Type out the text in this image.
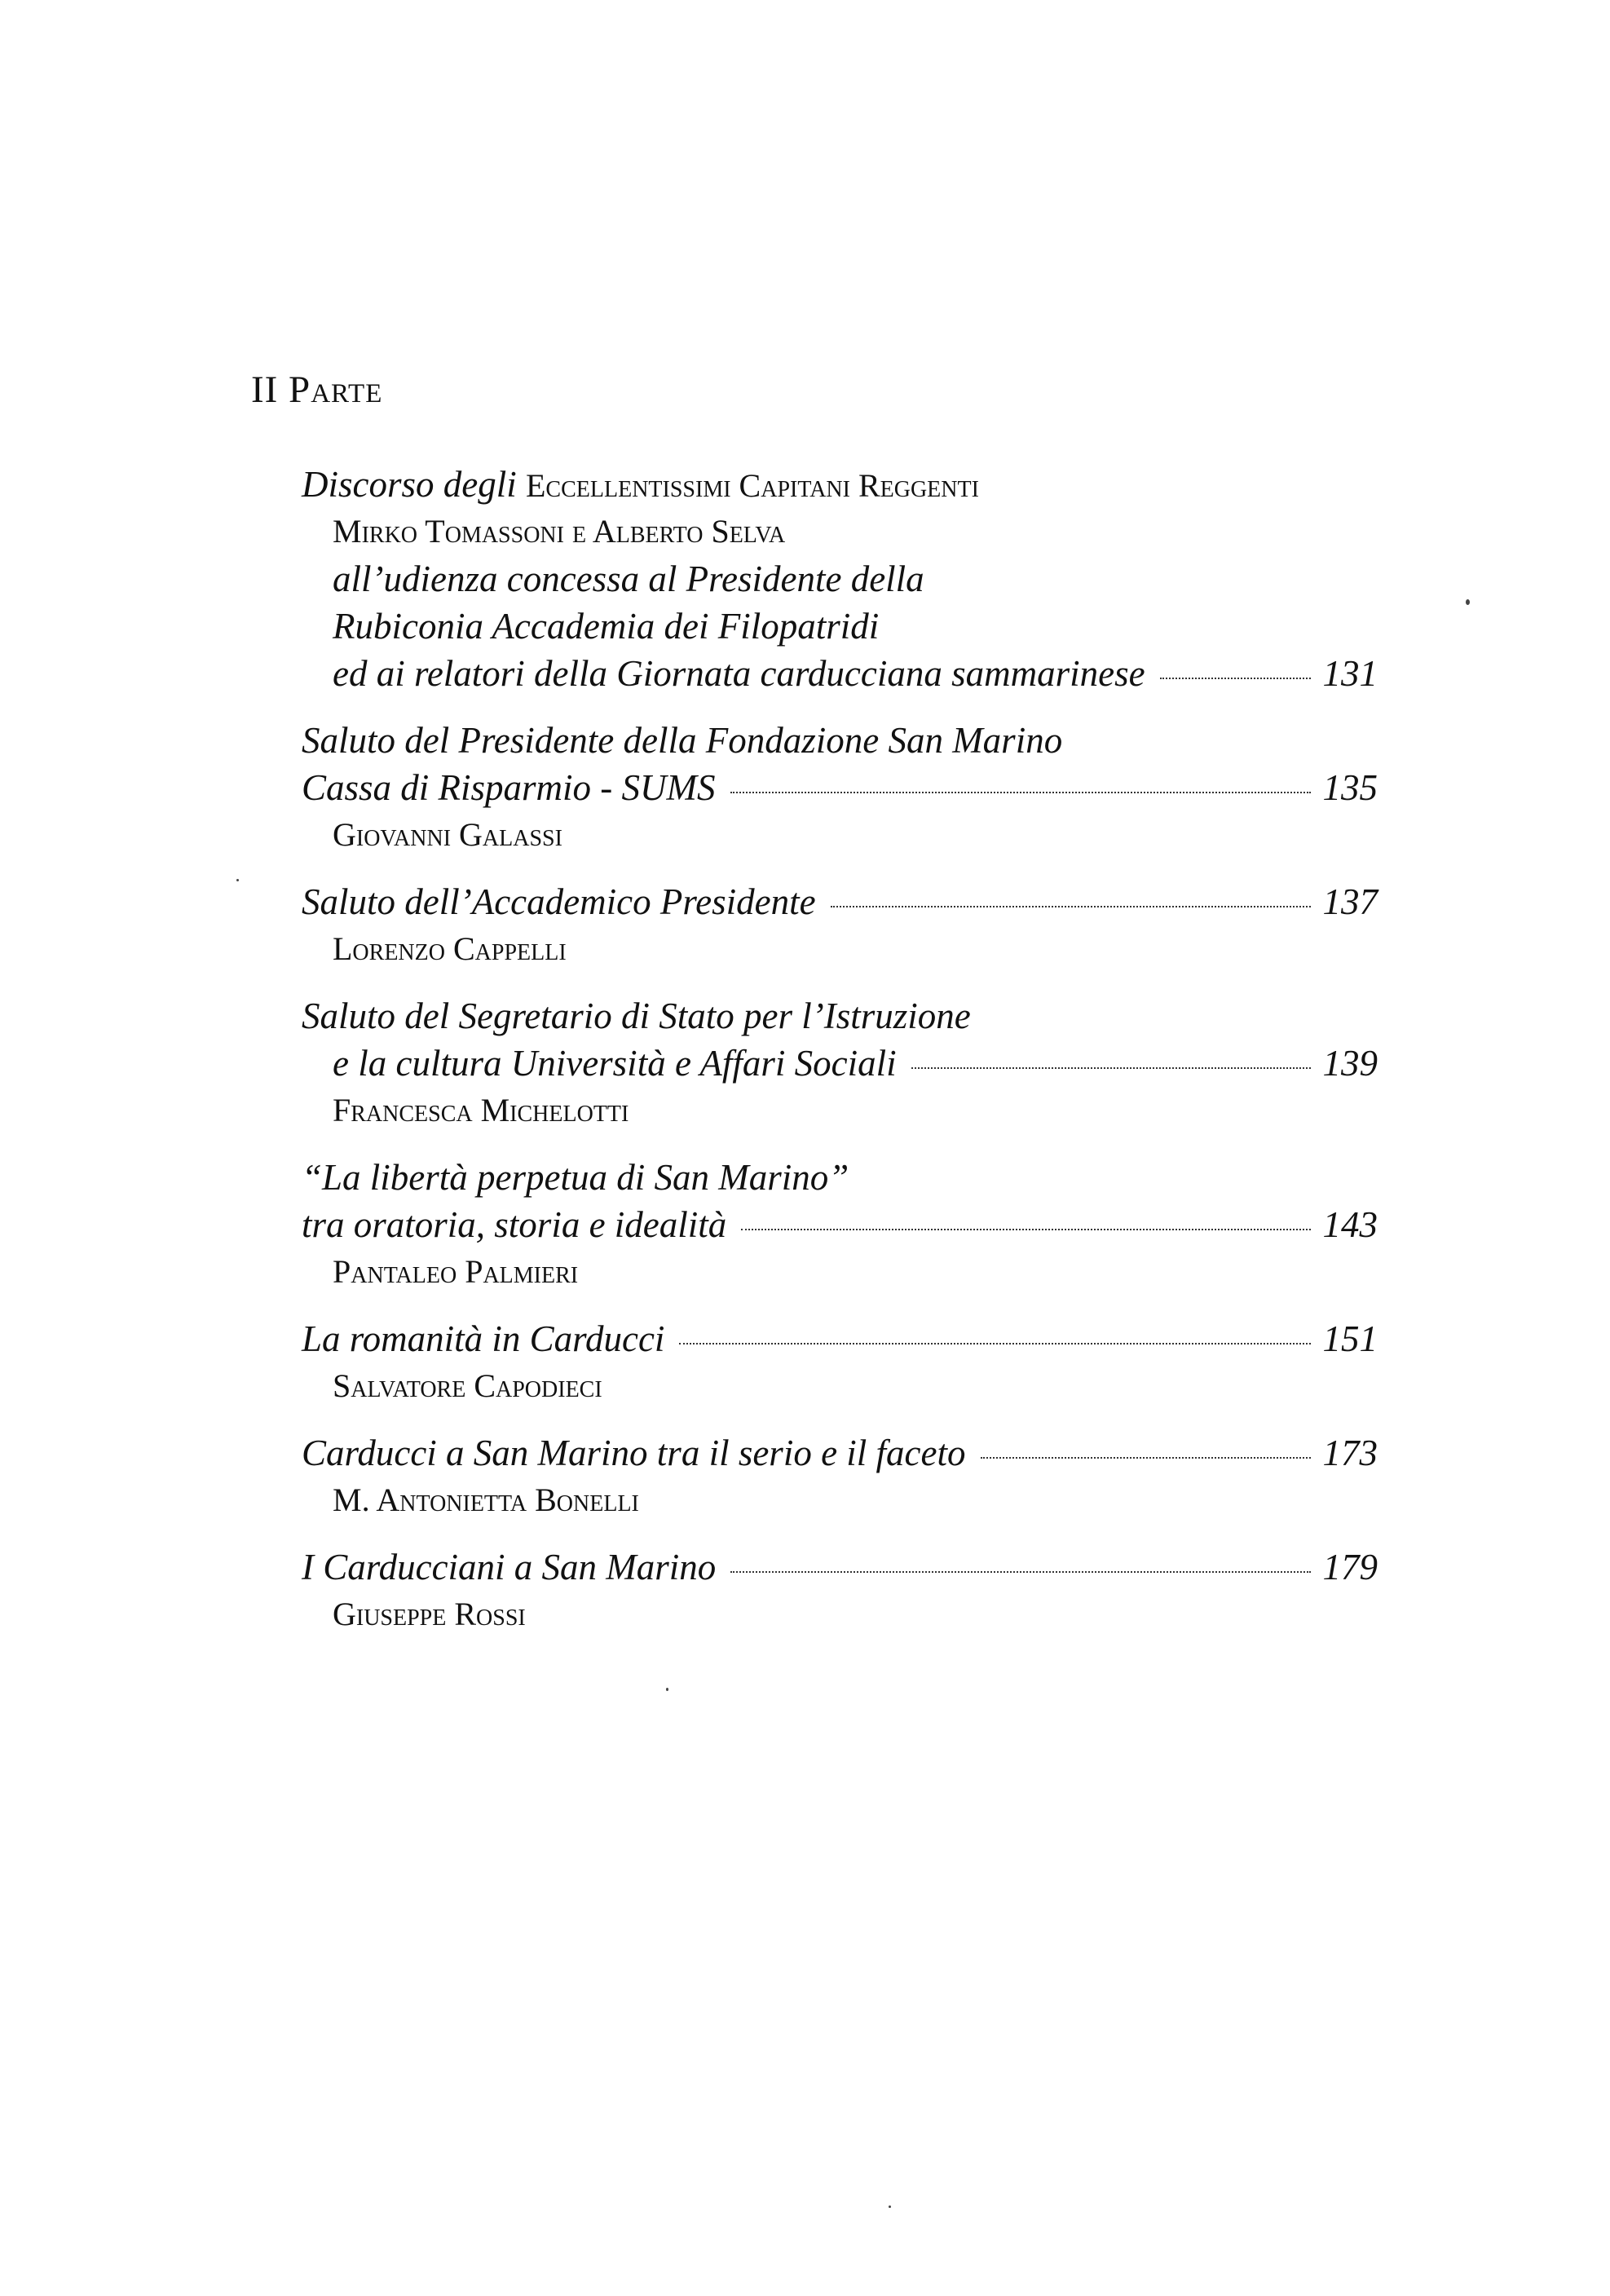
II Parte
Discorso degli Eccellentissimi Capitani Reggenti
Mirko Tomassoni e Alberto Selva
all’udienza concessa al Presidente della
Rubiconia Accademia dei Filopatridi
ed ai relatori della Giornata carducciana sammarinese	131
Saluto del Presidente della Fondazione San Marino
Cassa di Risparmio - SUMS	135
Giovanni Galassi
Saluto dell’Accademico Presidente	137
Lorenzo Cappelli
Saluto del Segretario di Stato per l’Istruzione
e la cultura Università e Affari Sociali	139
Francesca Michelotti
“La libertà perpetua di San Marino”
tra oratoria, storia e idealità	143
Pantaleo Palmieri
La romanità in Carducci	151
Salvatore Capodieci
Carducci a San Marino tra il serio e il faceto	173
M. Antonietta Bonelli
I Carducciani a San Marino	179
Giuseppe Rossi
